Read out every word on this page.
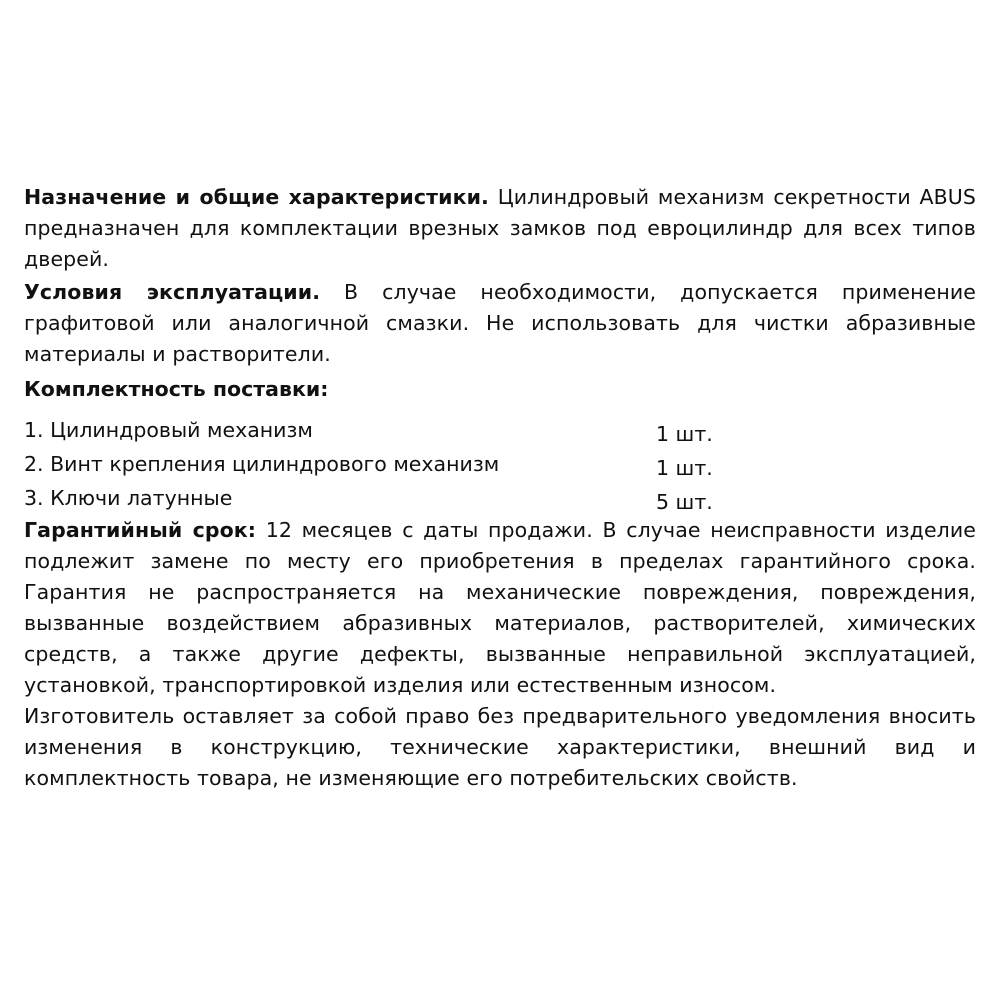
Назначение и общие характеристики. Цилиндровый механизм секретности ABUS предназначен для комплектации врезных замков под евроцилиндр для всех типов дверей.

Условия эксплуатации. В случае необходимости, допускается применение графитовой или аналогичной смазки. Не использовать для чистки абразивные материалы и растворители.

Комплектность поставки:

1. Цилиндровый механизм	1 шт.
2. Винт крепления цилиндрового механизм	1 шт.
3. Ключи латунные	5 шт.

Гарантийный срок: 12 месяцев с даты продажи. В случае неисправности изделие подлежит замене по месту его приобретения в пределах гарантийного срока. Гарантия не распространяется на механические повреждения, повреждения, вызванные воздействием абразивных материалов, растворителей, химических средств, а также другие дефекты, вызванные неправильной эксплуатацией, установкой, транспортировкой изделия или естественным износом.

Изготовитель оставляет за собой право без предварительного уведомления вносить изменения в конструкцию, технические характеристики, внешний вид и комплектность товара, не изменяющие его потребительских свойств.
